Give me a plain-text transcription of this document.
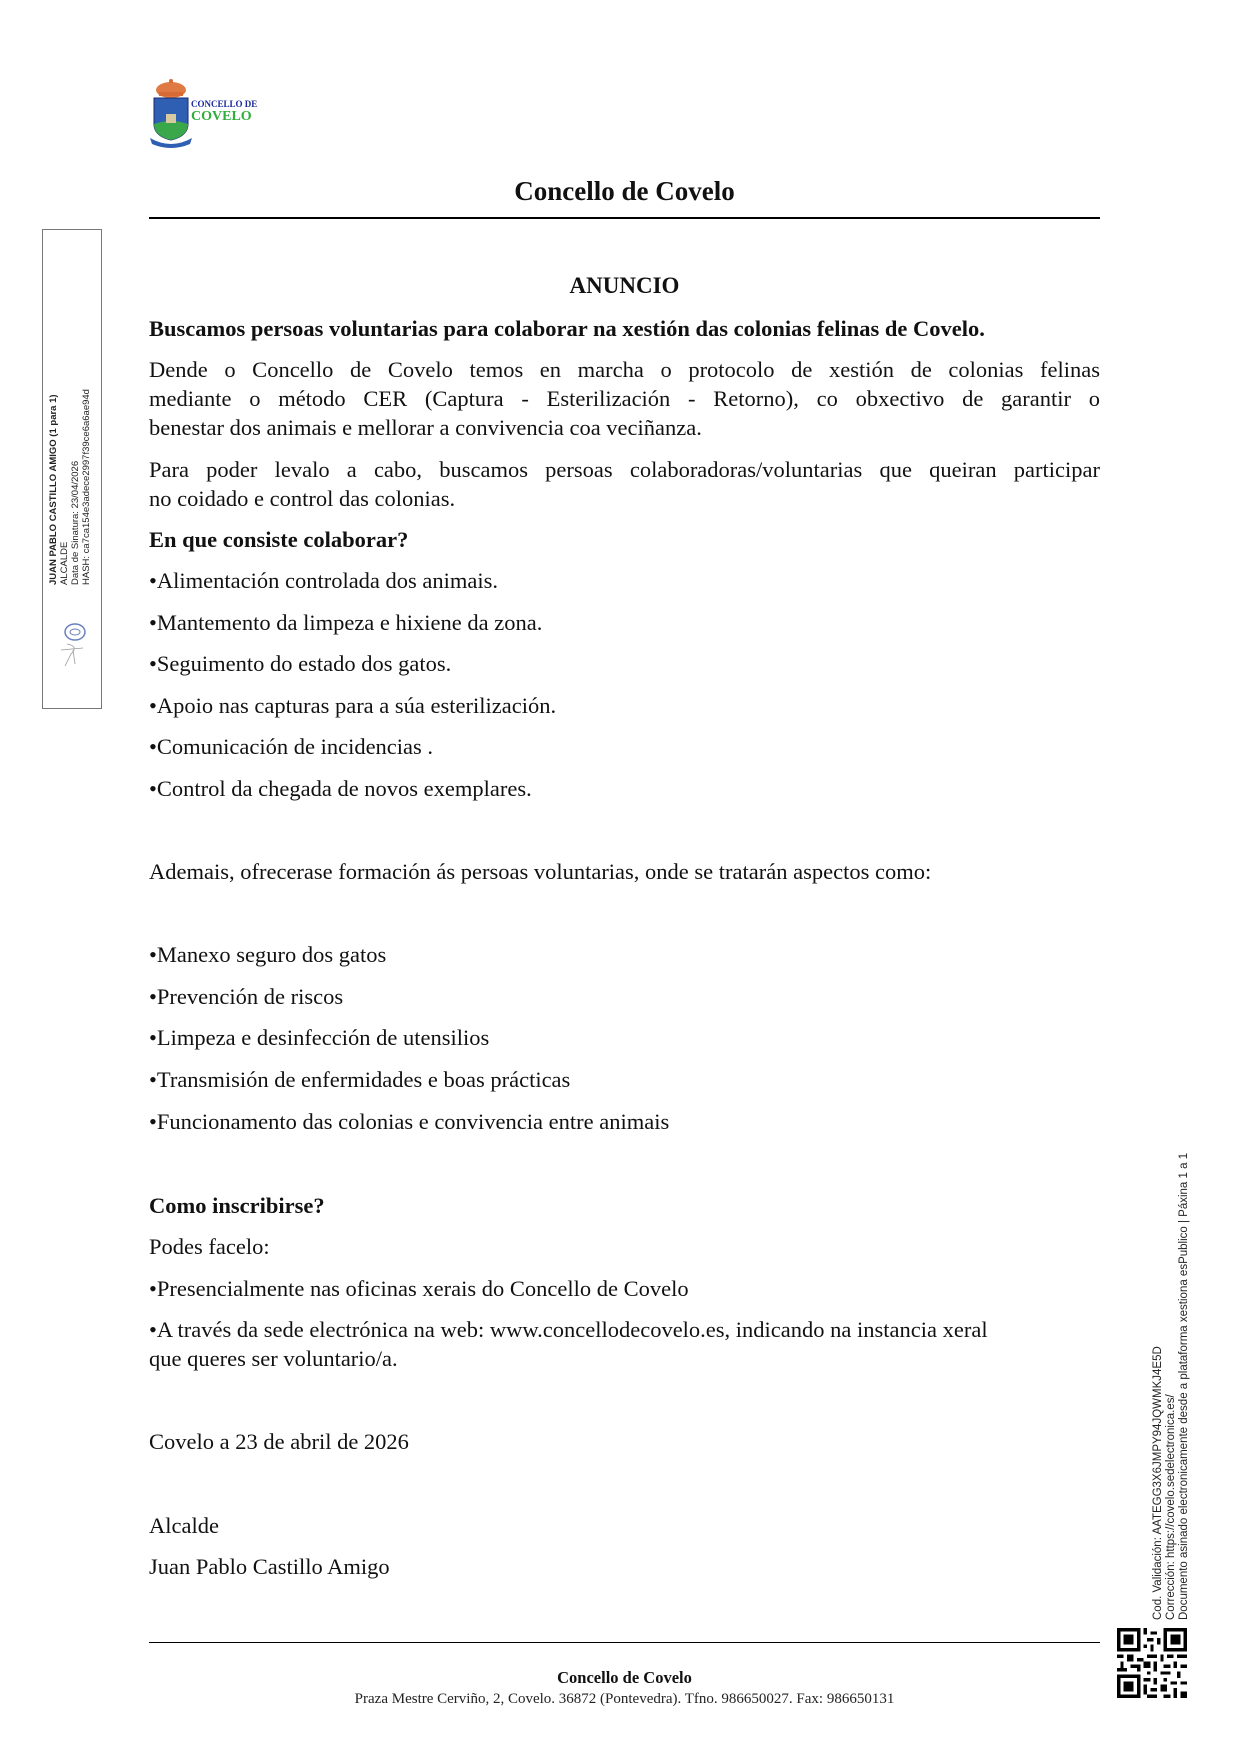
CONCELLO DE
COVELO
Concello de Covelo
JUAN PABLO CASTILLO AMIGO (1 para 1) ALCALDE Data de Sinatura: 23/04/2026 HASH: ca7ca154e3adece2997f39ce6a6ae94d
ANUNCIO
Buscamos persoas voluntarias para colaborar na xestión das colonias felinas de Covelo.
Dende o Concello de Covelo temos en marcha o protocolo de xestión de colonias felinas
mediante o método CER (Captura - Esterilización - Retorno), co obxectivo de garantir o
benestar dos animais e mellorar a convivencia coa veciñanza.
Para poder levalo a cabo, buscamos persoas colaboradoras/voluntarias que queiran participar
no coidado e control das colonias.
En que consiste colaborar?
•Alimentación controlada dos animais.
•Mantemento da limpeza e hixiene da zona.
•Seguimento do estado dos gatos.
•Apoio nas capturas para a súa esterilización.
•Comunicación de incidencias .
•Control da chegada de novos exemplares.
Ademais, ofrecerase formación ás persoas voluntarias, onde se tratarán aspectos como:
•Manexo seguro dos gatos
•Prevención de riscos
•Limpeza e desinfección de utensilios
•Transmisión de enfermidades e boas prácticas
•Funcionamento das colonias e convivencia entre animais
Como inscribirse?
Podes facelo:
•Presencialmente nas oficinas xerais do Concello de Covelo
•A través da sede electrónica na web: www.concellodecovelo.es, indicando na instancia xeral
que queres ser voluntario/a.
Covelo a 23 de abril de 2026
Alcalde
Juan Pablo Castillo Amigo	Cod. Validación: AATEGG3X6JMPY94JQWMKJ4E5D Corrección: https://covelo.sedelectronica.es/ Documento asinado electronicamente desde a plataforma xestiona esPublico | Páxina 1 a 1
Concello de Covelo
Praza Mestre Cerviño, 2, Covelo. 36872 (Pontevedra). Tfno. 986650027. Fax: 986650131
